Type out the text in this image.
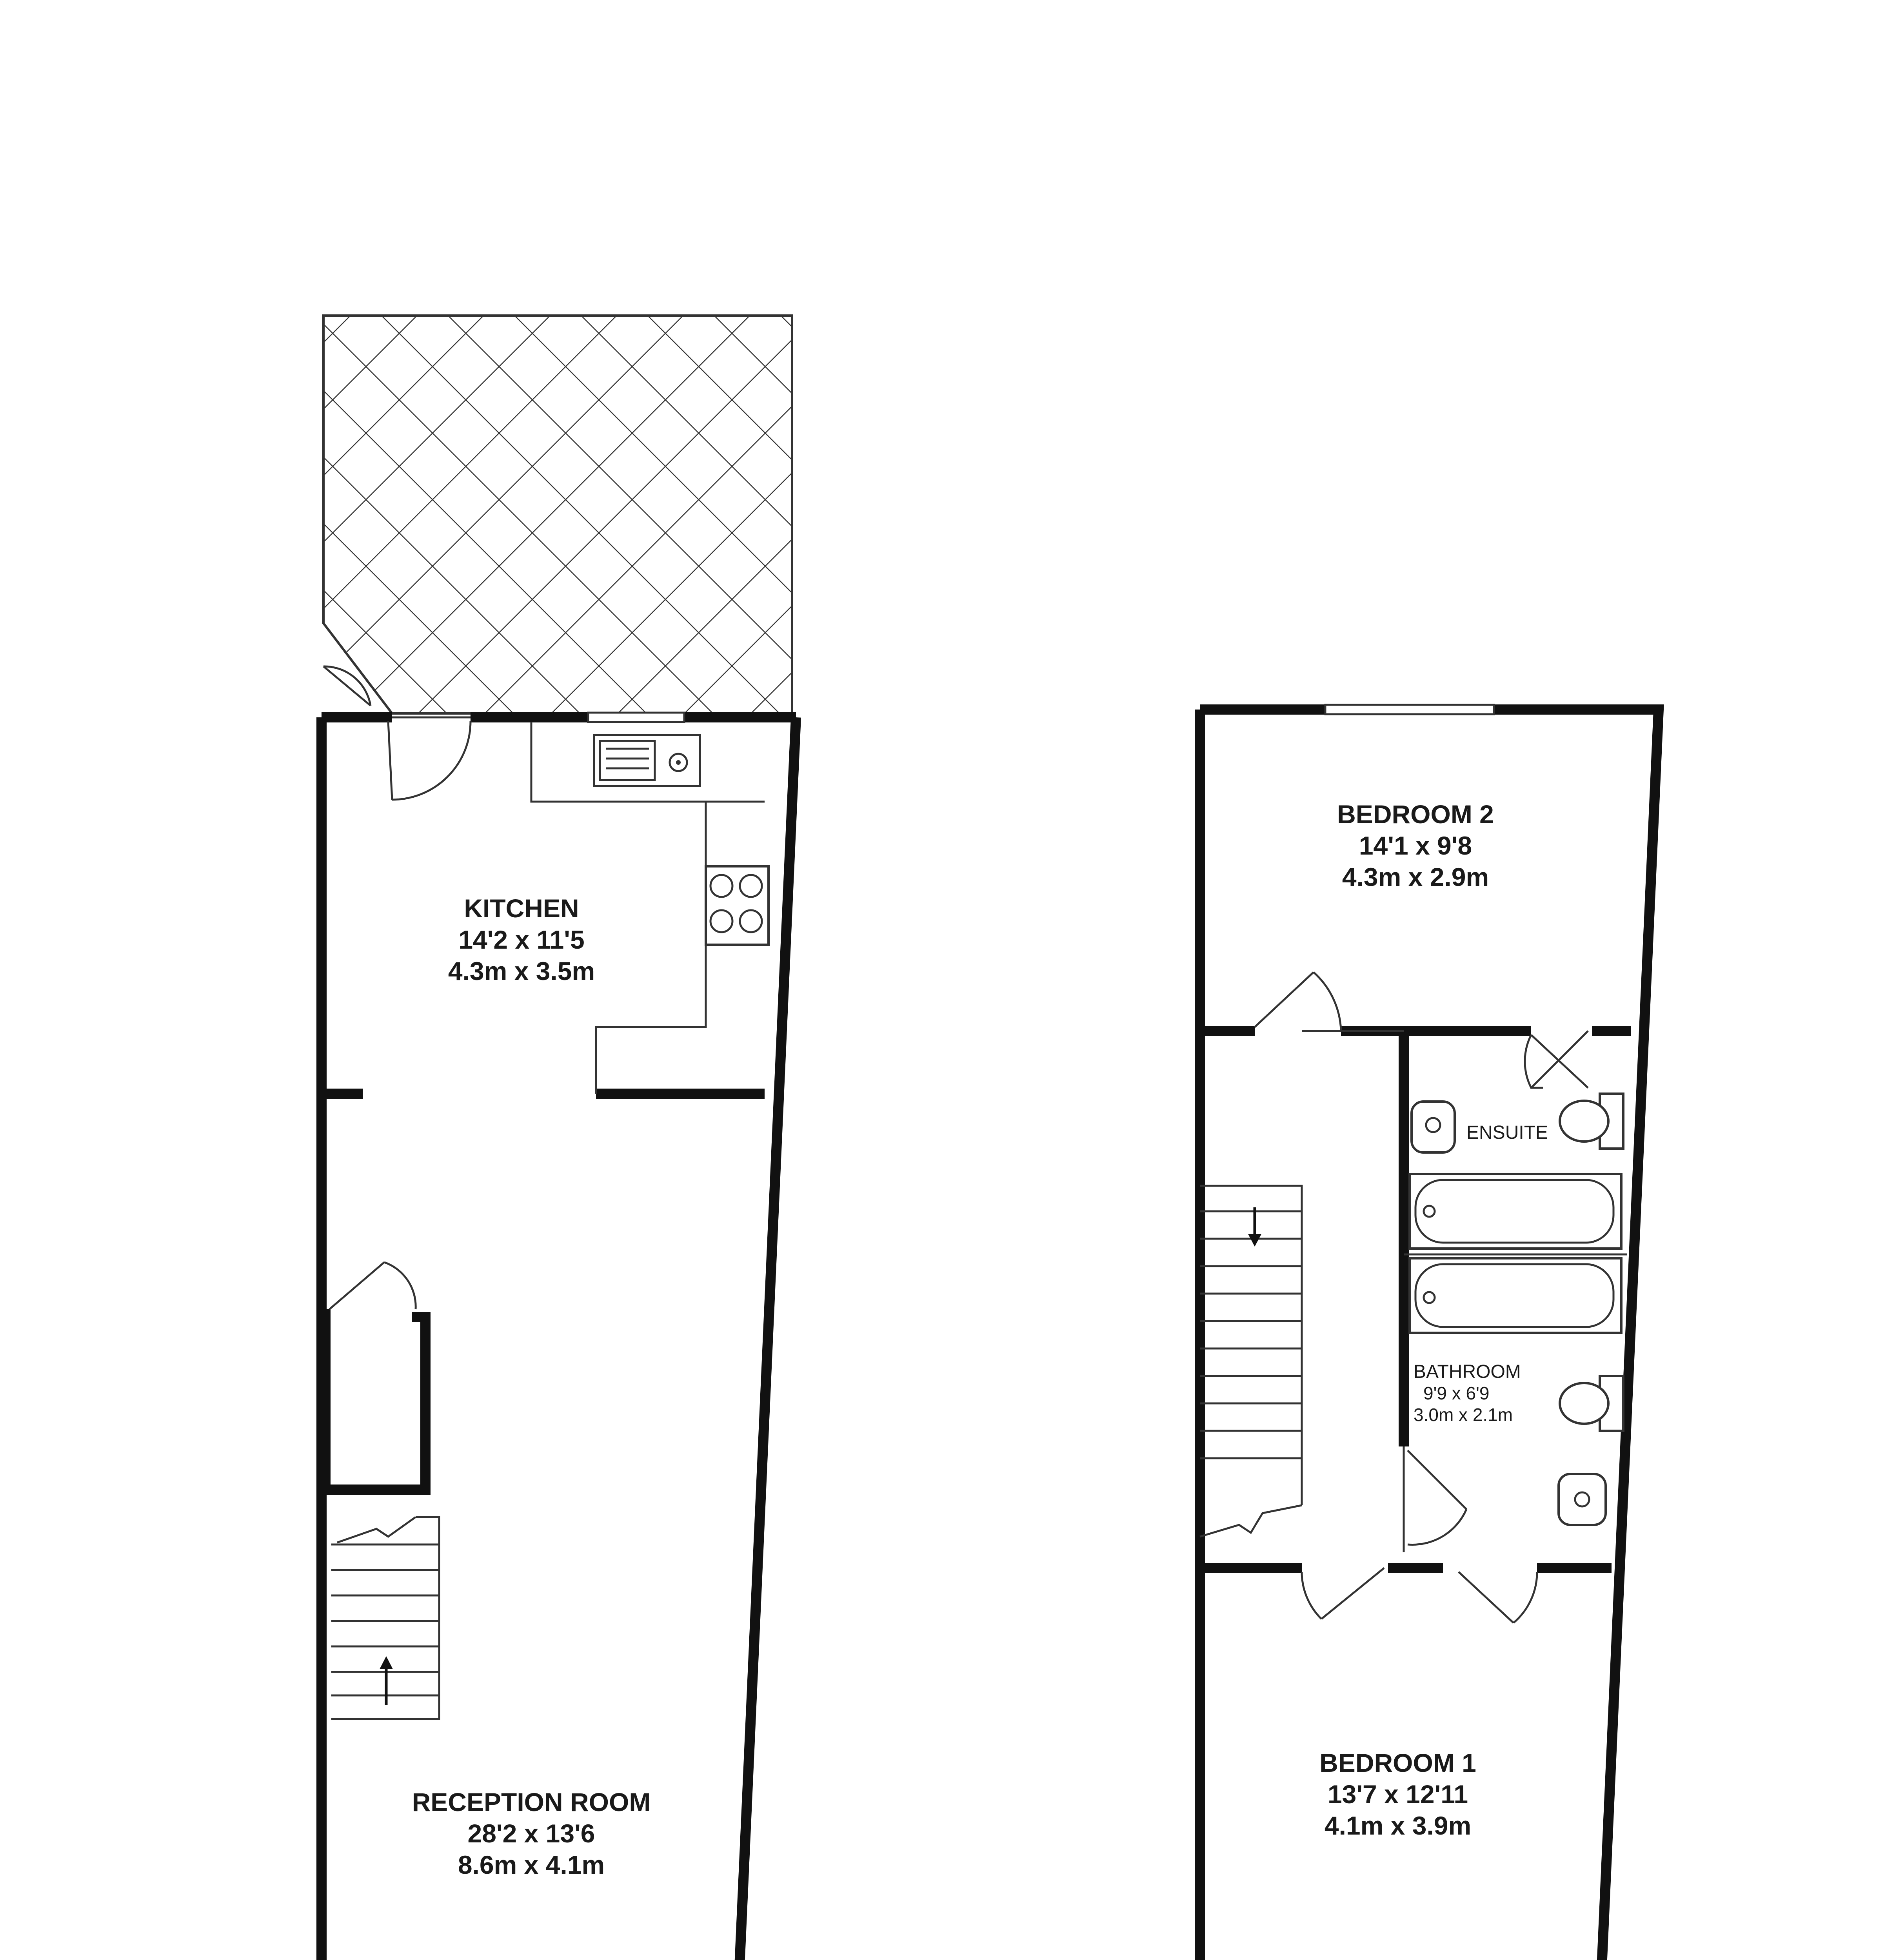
KITCHEN
14'2 x 11'5
4.3m x 3.5m
RECEPTION ROOM
28'2 x 13'6
8.6m x 4.1m
BEDROOM 2
14'1 x 9'8
4.3m x 2.9m
ENSUITE
BATHROOM
9'9 x 6'9
3.0m x 2.1m
BEDROOM 1
13'7 x 12'11
4.1m x 3.9m
